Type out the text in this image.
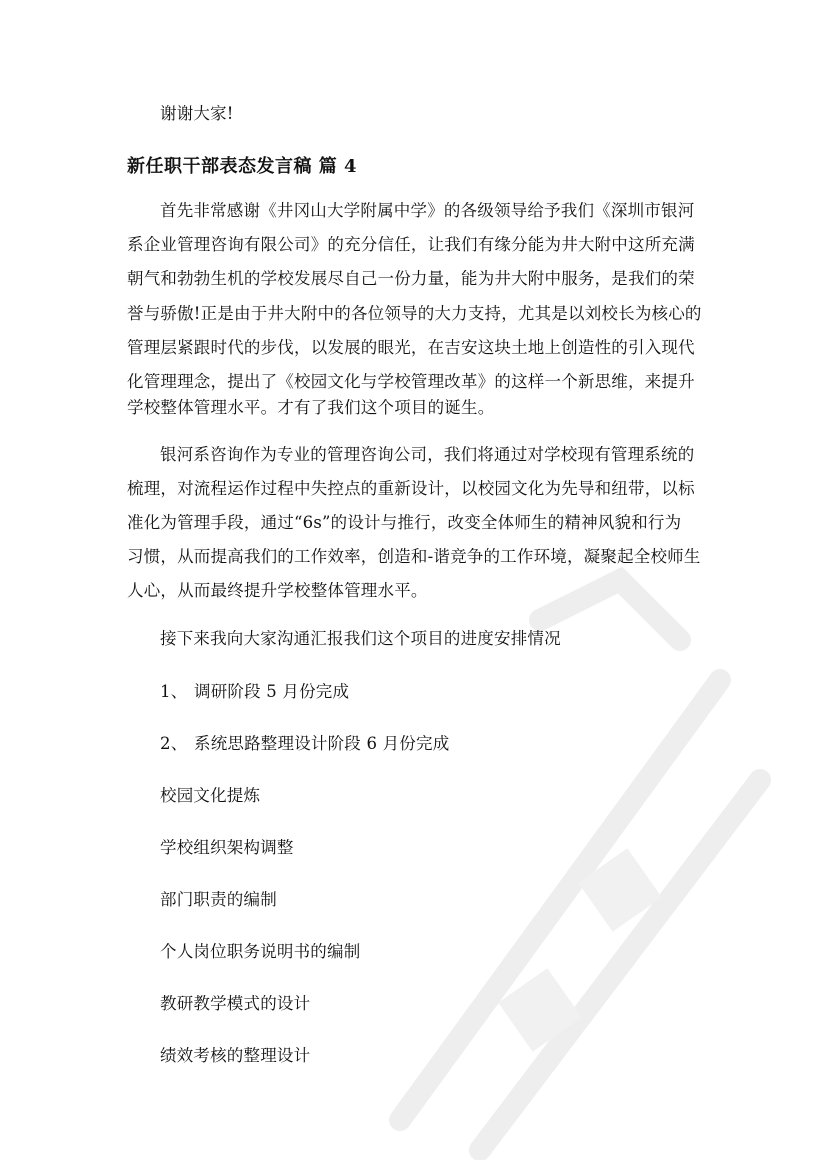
谢谢大家!
新任职干部表态发言稿 篇 4
首先非常感谢《井冈山大学附属中学》的各级领导给予我们《深圳市银河
系企业管理咨询有限公司》的充分信任，让我们有缘分能为井大附中这所充满
朝气和勃勃生机的学校发展尽自己一份力量，能为井大附中服务，是我们的荣
誉与骄傲!正是由于井大附中的各位领导的大力支持，尤其是以刘校长为核心的
管理层紧跟时代的步伐，以发展的眼光，在吉安这块土地上创造性的引入现代
化管理理念，提出了《校园文化与学校管理改革》的这样一个新思维，来提升
学校整体管理水平。才有了我们这个项目的诞生。
银河系咨询作为专业的管理咨询公司，我们将通过对学校现有管理系统的
梳理，对流程运作过程中失控点的重新设计，以校园文化为先导和纽带，以标
准化为管理手段，通过“6s”的设计与推行，改变全体师生的精神风貌和行为
习惯，从而提高我们的工作效率，创造和-谐竞争的工作环境，凝聚起全校师生
人心，从而最终提升学校整体管理水平。
接下来我向大家沟通汇报我们这个项目的进度安排情况
1、 调研阶段 5 月份完成
2、 系统思路整理设计阶段 6 月份完成
校园文化提炼
学校组织架构调整
部门职责的编制
个人岗位职务说明书的编制
教研教学模式的设计
绩效考核的整理设计
